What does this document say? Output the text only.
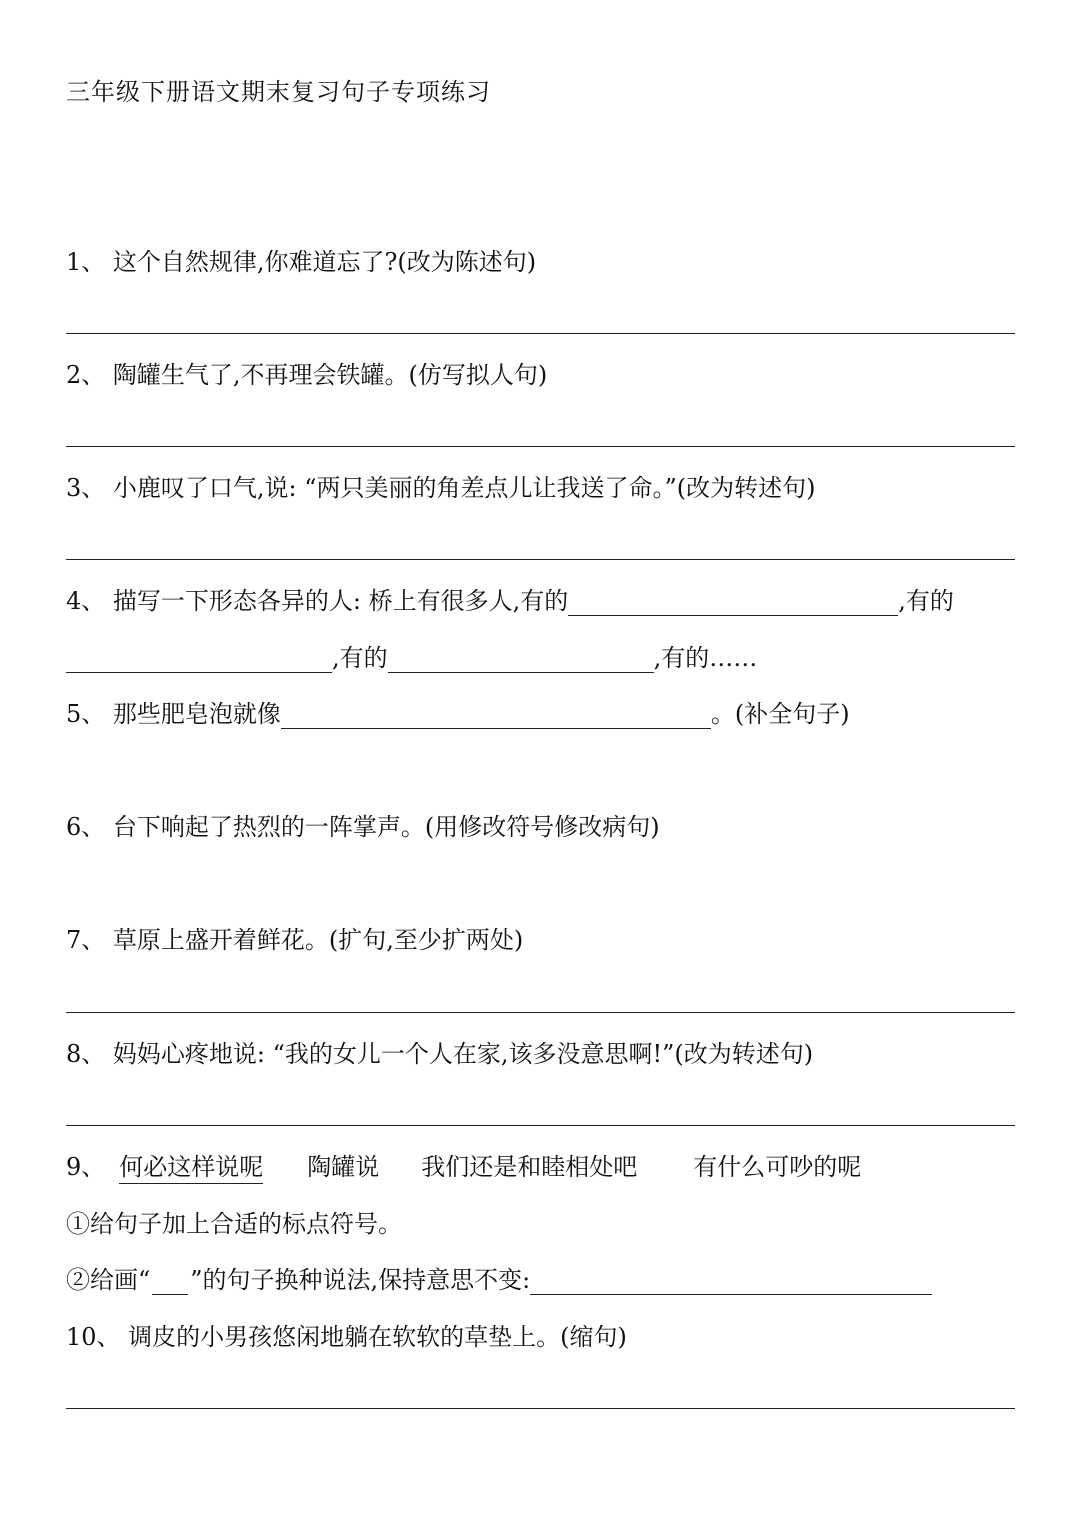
三年级下册语文期末复习句子专项练习
1、 这个自然规律,你难道忘了?(改为陈述句)
2、 陶罐生气了,不再理会铁罐。(仿写拟人句)
3、 小鹿叹了口气,说: “两只美丽的角差点儿让我送了命。”(改为转述句)
4、 描写一下形态各异的人: 桥上有很多人,有的	,有的
,有的	,有的……
5、 那些肥皂泡就像	。(补全句子)
6、 台下响起了热烈的一阵掌声。(用修改符号修改病句)
7、 草原上盛开着鲜花。(扩句,至少扩两处)
8、 妈妈心疼地说: “我的女儿一个人在家,该多没意思啊!”(改为转述句)
9、 何必这样说呢 陶罐说 我们还是和睦相处吧 有什么可吵的呢
①给句子加上合适的标点符号。
②给画“ ”的句子换种说法,保持意思不变:
10、 调皮的小男孩悠闲地躺在软软的草垫上。(缩句)
